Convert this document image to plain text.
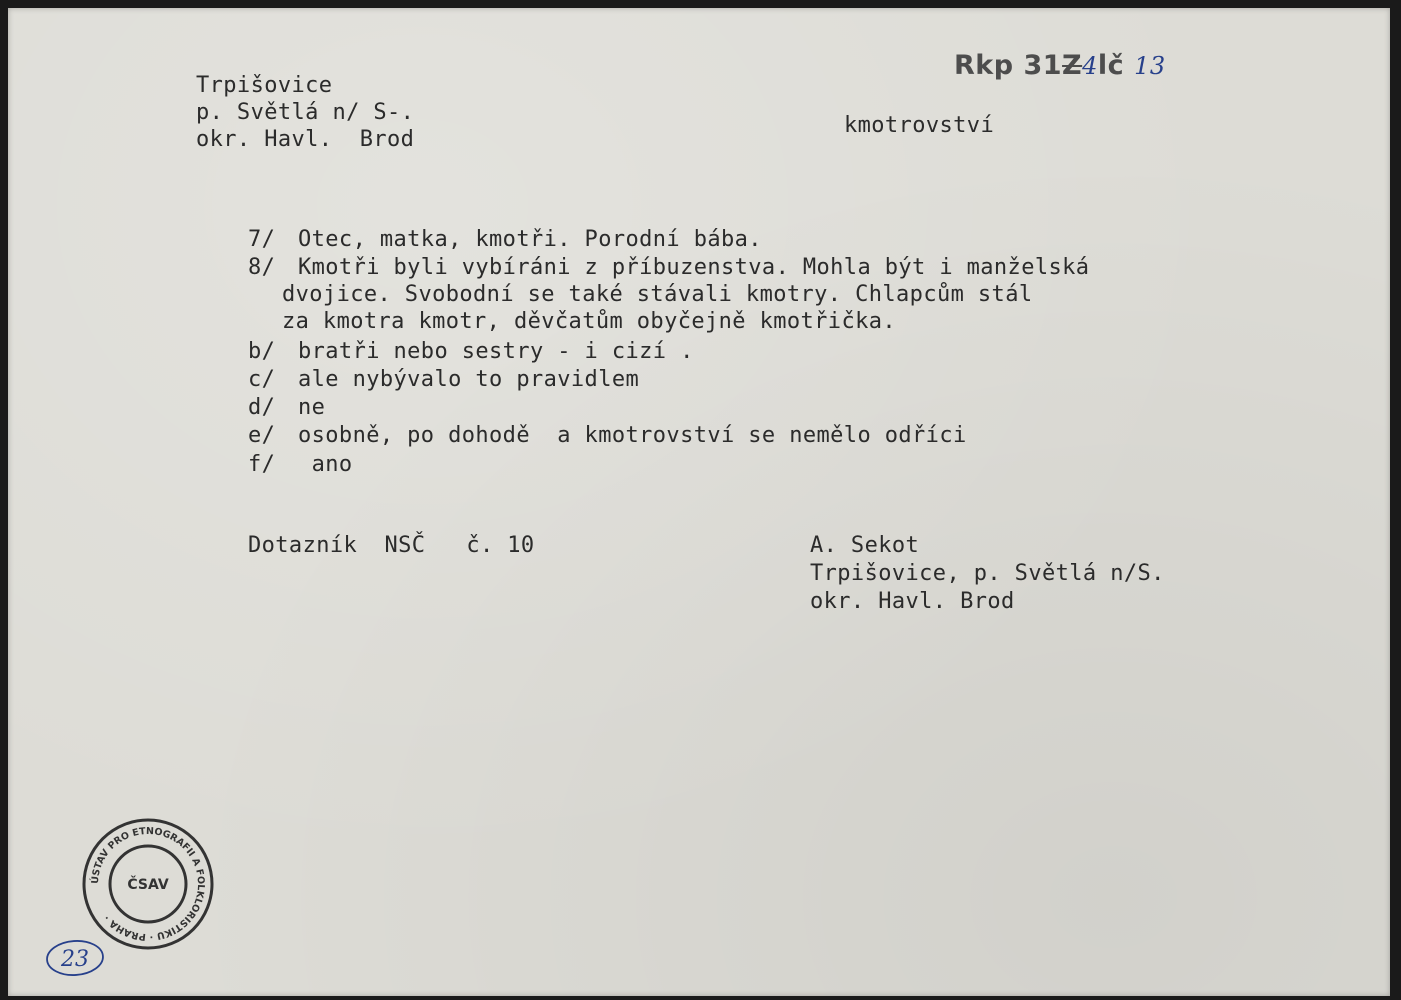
Rkp 31Z4lč 13
Trpišovice
p. Světlá n/ S-.
okr. Havl.  Brod
kmotrovství
7/ Otec, matka, kmotři. Porodní bába.
8/ Kmotři byli vybíráni z příbuzenstva. Mohla být i manželská
dvojice. Svobodní se také stávali kmotry. Chlapcům stál
za kmotra kmotr, děvčatům obyčejně kmotřička.
b/ bratři nebo sestry - i cizí .
c/ ale nybývalo to pravidlem
d/ ne
e/ osobně, po dohodě  a kmotrovství se nemělo odříci
f/ ano
Dotazník  NSČ   č. 10	A. Sekot
Trpišovice, p. Světlá n/S.
okr. Havl. Brod
ÚSTAV PRO ETNOGRAFII A FOLKLORISTIKU · PRAHA ·
ČSAV
23
